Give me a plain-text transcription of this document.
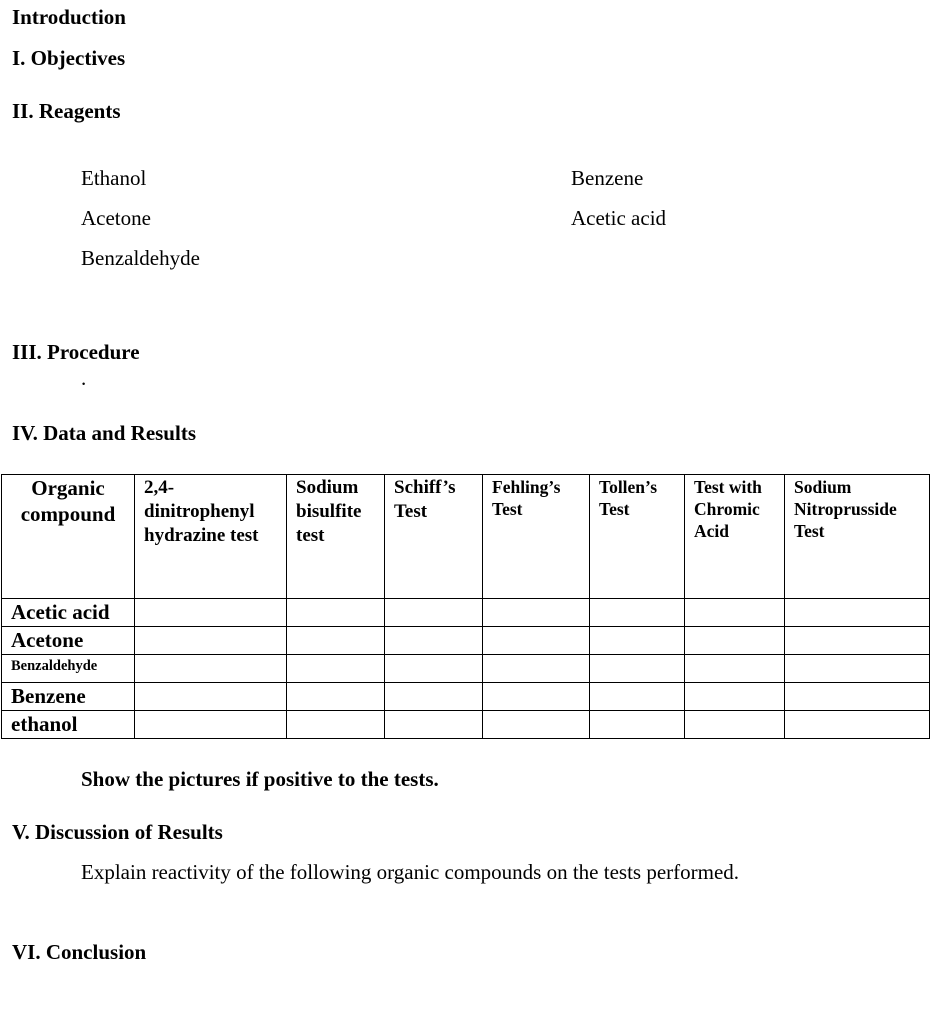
Introduction
I. Objectives
II. Reagents
Ethanol
Acetone
Benzaldehyde
Benzene
Acetic acid
III. Procedure
.
IV. Data and Results
Organic
compound	2,4-dinitrophenyl hydrazine test	Sodium bisulfite test	Schiff’s Test	Fehling’s Test	Tollen’s Test	Test with Chromic Acid	Sodium Nitroprusside Test
Acetic acid							
Acetone							
Benzaldehyde							
Benzene							
ethanol							
Show the pictures if positive to the tests.
V. Discussion of Results
Explain reactivity of the following organic compounds on the tests performed.
VI. Conclusion
